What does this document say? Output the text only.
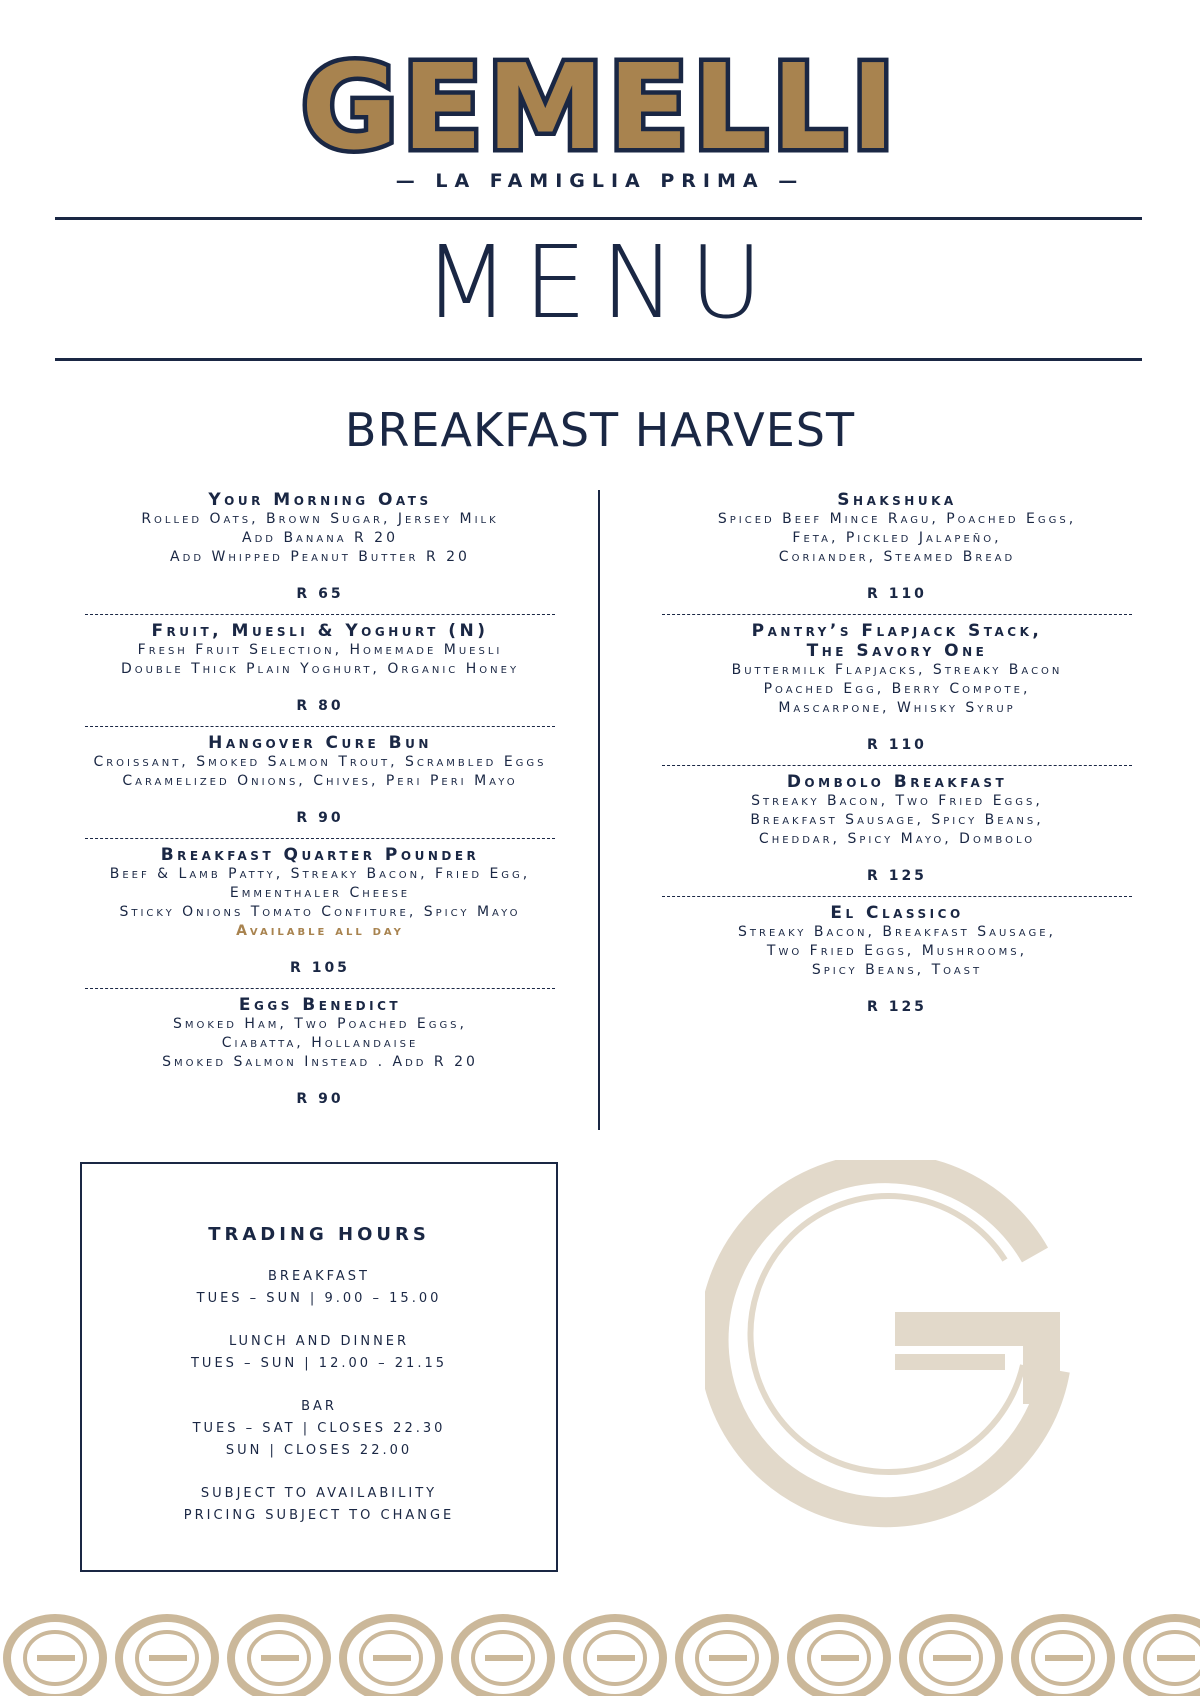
GEMELLI
— LA FAMIGLIA PRIMA —
MENU
BREAKFAST HARVEST
Your Morning Oats
Rolled Oats, Brown Sugar, Jersey Milk
Add Banana R 20
Add Whipped Peanut Butter R 20
R 65
Fruit, Muesli & Yoghurt (N)
Fresh Fruit Selection, Homemade Muesli
Double Thick Plain Yoghurt, Organic Honey
R 80
Hangover Cure Bun
Croissant, Smoked Salmon Trout, Scrambled Eggs
Caramelized Onions, Chives, Peri Peri Mayo
R 90
Breakfast Quarter Pounder
Beef & Lamb Patty, Streaky Bacon, Fried Egg,
Emmenthaler Cheese
Sticky Onions Tomato Confiture, Spicy Mayo
Available all day
R 105
Eggs Benedict
Smoked Ham, Two Poached Eggs,
Ciabatta, Hollandaise
Smoked Salmon Instead . Add R 20
R 90
Shakshuka
Spiced Beef Mince Ragu, Poached Eggs,
Feta, Pickled Jalapeño,
Coriander, Steamed Bread
R 110
Pantry’s Flapjack Stack,
The Savory One
Buttermilk Flapjacks, Streaky Bacon
Poached Egg, Berry Compote,
Mascarpone, Whisky Syrup
R 110
Dombolo Breakfast
Streaky Bacon, Two Fried Eggs,
Breakfast Sausage, Spicy Beans,
Cheddar, Spicy Mayo, Dombolo
R 125
El Classico
Streaky Bacon, Breakfast Sausage,
Two Fried Eggs, Mushrooms,
Spicy Beans, Toast
R 125
TRADING HOURS
BREAKFAST
TUES – SUN | 9.00 – 15.00
LUNCH AND DINNER
TUES – SUN | 12.00 – 21.15
BAR
TUES – SAT | CLOSES 22.30
SUN | CLOSES 22.00
SUBJECT TO AVAILABILITY
PRICING SUBJECT TO CHANGE
